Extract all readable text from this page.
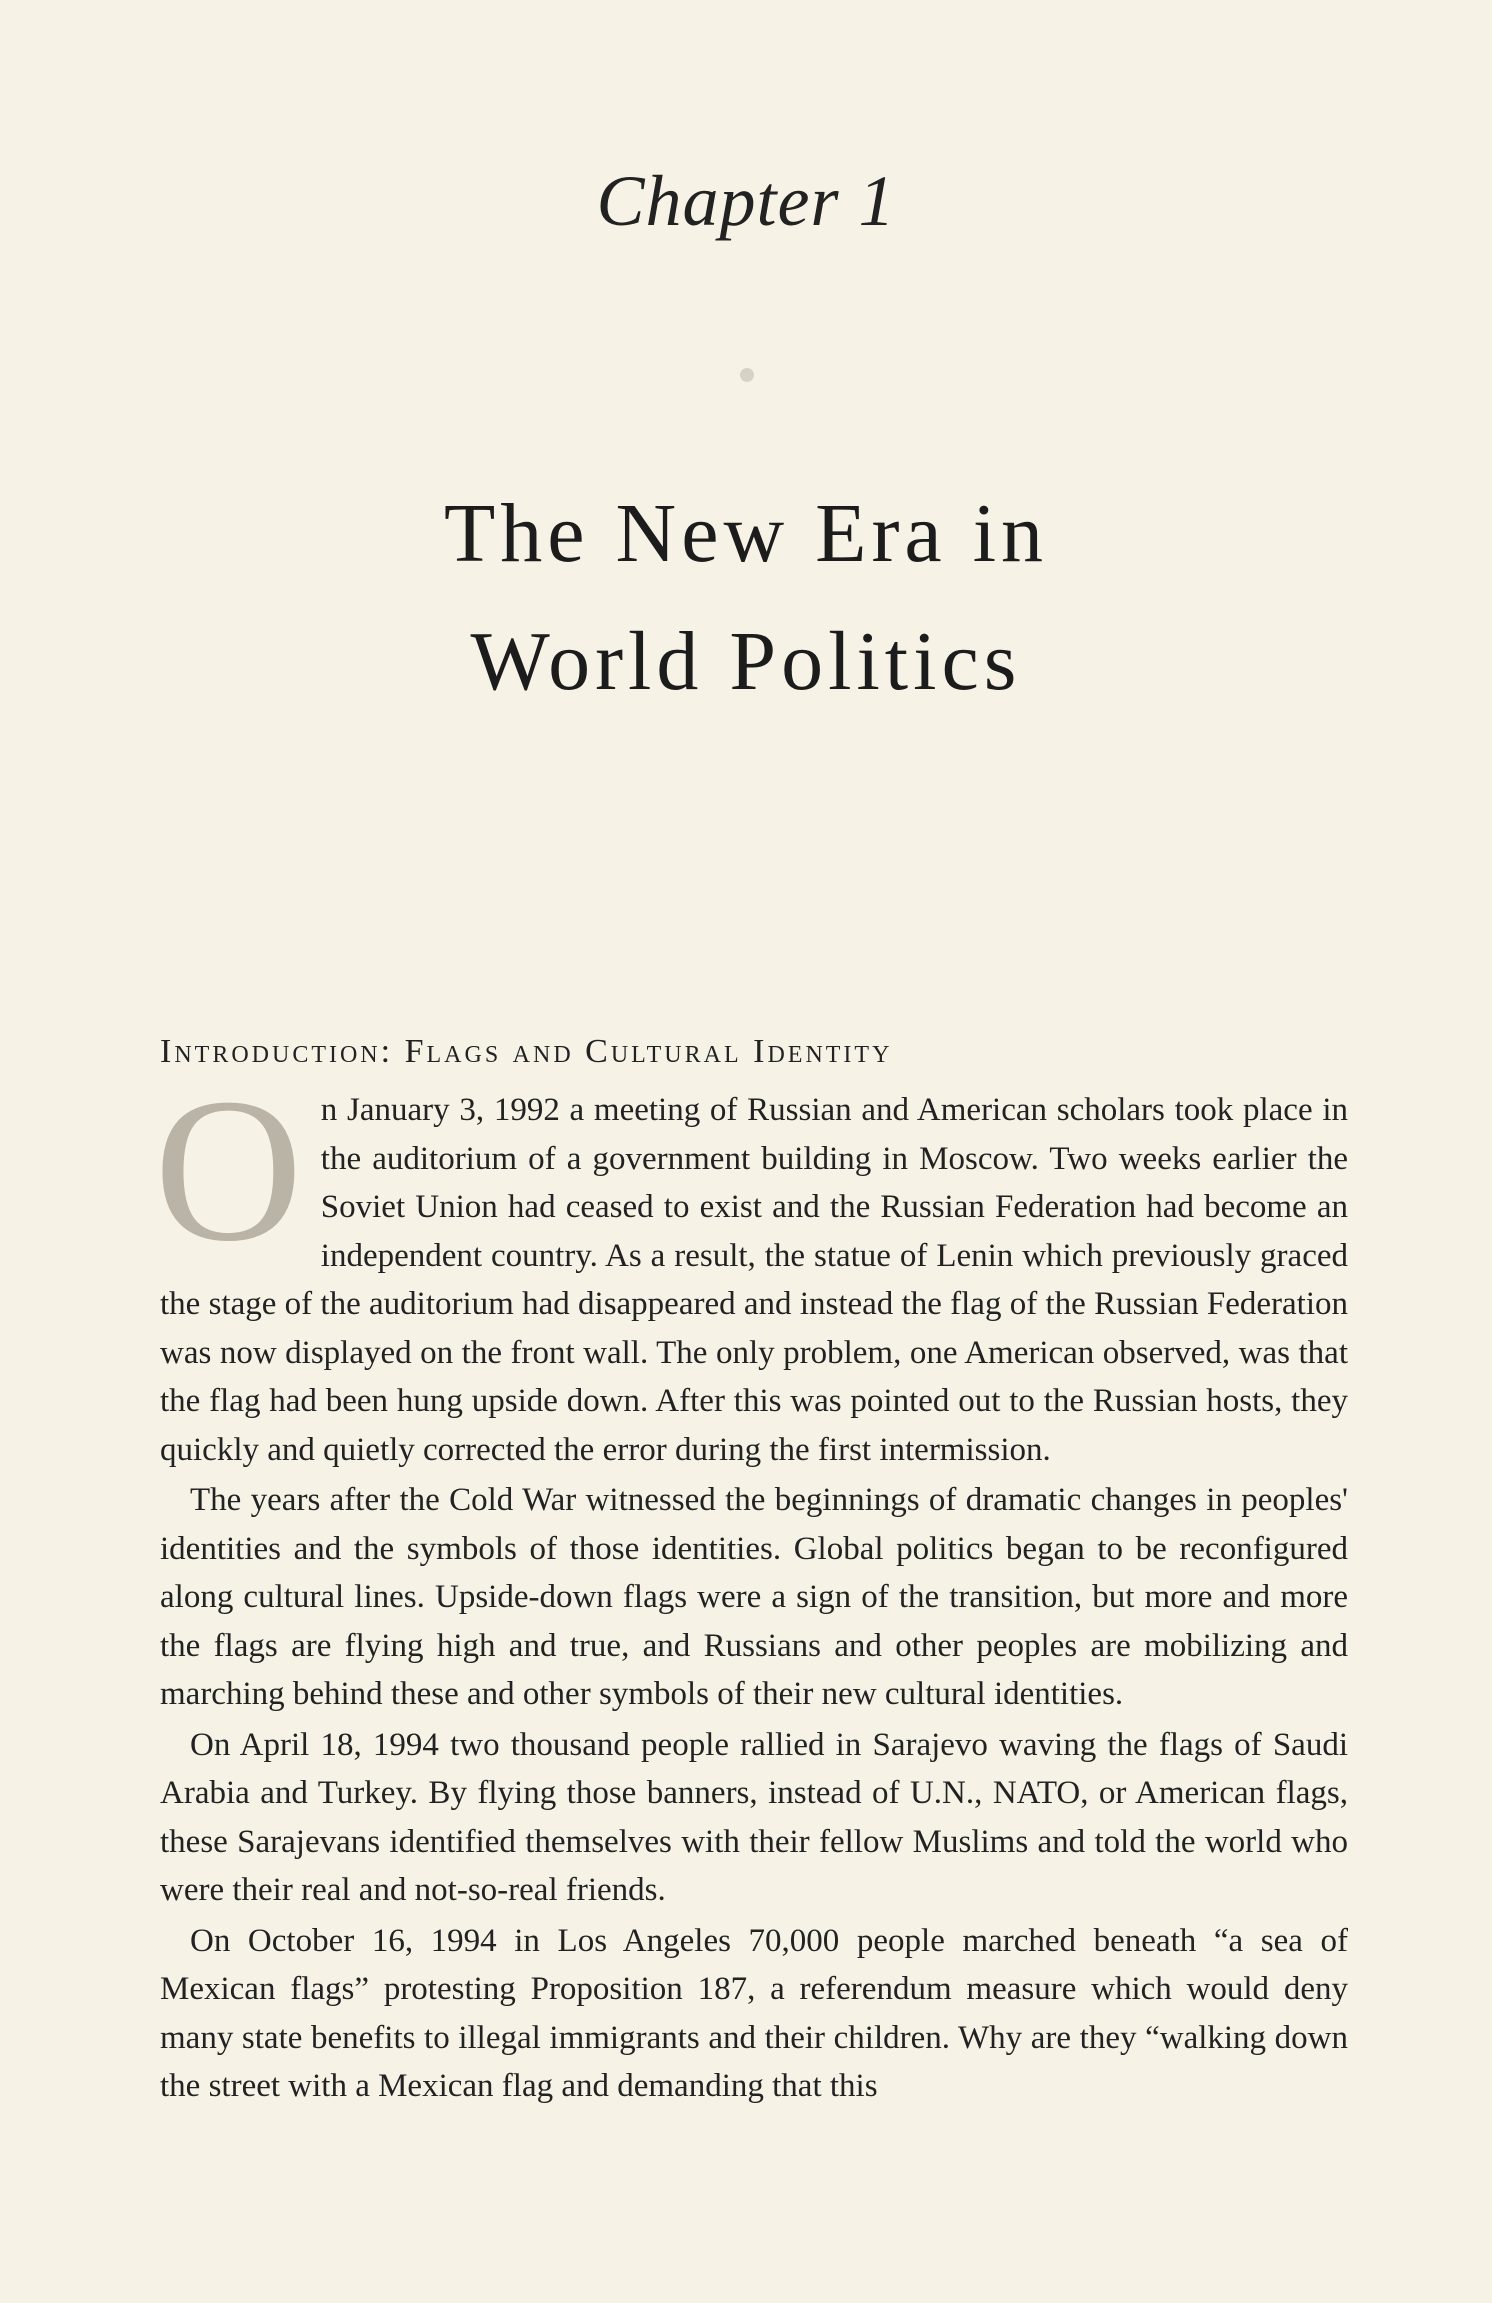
Chapter 1
The New Era in
World Politics
Introduction: Flags and Cultural Identity

On January 3, 1992 a meeting of Russian and American scholars took place in the auditorium of a government building in Moscow. Two weeks earlier the Soviet Union had ceased to exist and the Russian Federation had become an independent country. As a result, the statue of Lenin which previously graced the stage of the auditorium had disappeared and instead the flag of the Russian Federation was now displayed on the front wall. The only problem, one American observed, was that the flag had been hung upside down. After this was pointed out to the Russian hosts, they quickly and quietly corrected the error during the first intermission.

The years after the Cold War witnessed the beginnings of dramatic changes in peoples' identities and the symbols of those identities. Global politics began to be reconfigured along cultural lines. Upside-down flags were a sign of the transition, but more and more the flags are flying high and true, and Russians and other peoples are mobilizing and marching behind these and other symbols of their new cultural identities.

On April 18, 1994 two thousand people rallied in Sarajevo waving the flags of Saudi Arabia and Turkey. By flying those banners, instead of U.N., NATO, or American flags, these Sarajevans identified themselves with their fellow Muslims and told the world who were their real and not-so-real friends.

On October 16, 1994 in Los Angeles 70,000 people marched beneath “a sea of Mexican flags” protesting Proposition 187, a referendum measure which would deny many state benefits to illegal immigrants and their children. Why are they “walking down the street with a Mexican flag and demanding that this
